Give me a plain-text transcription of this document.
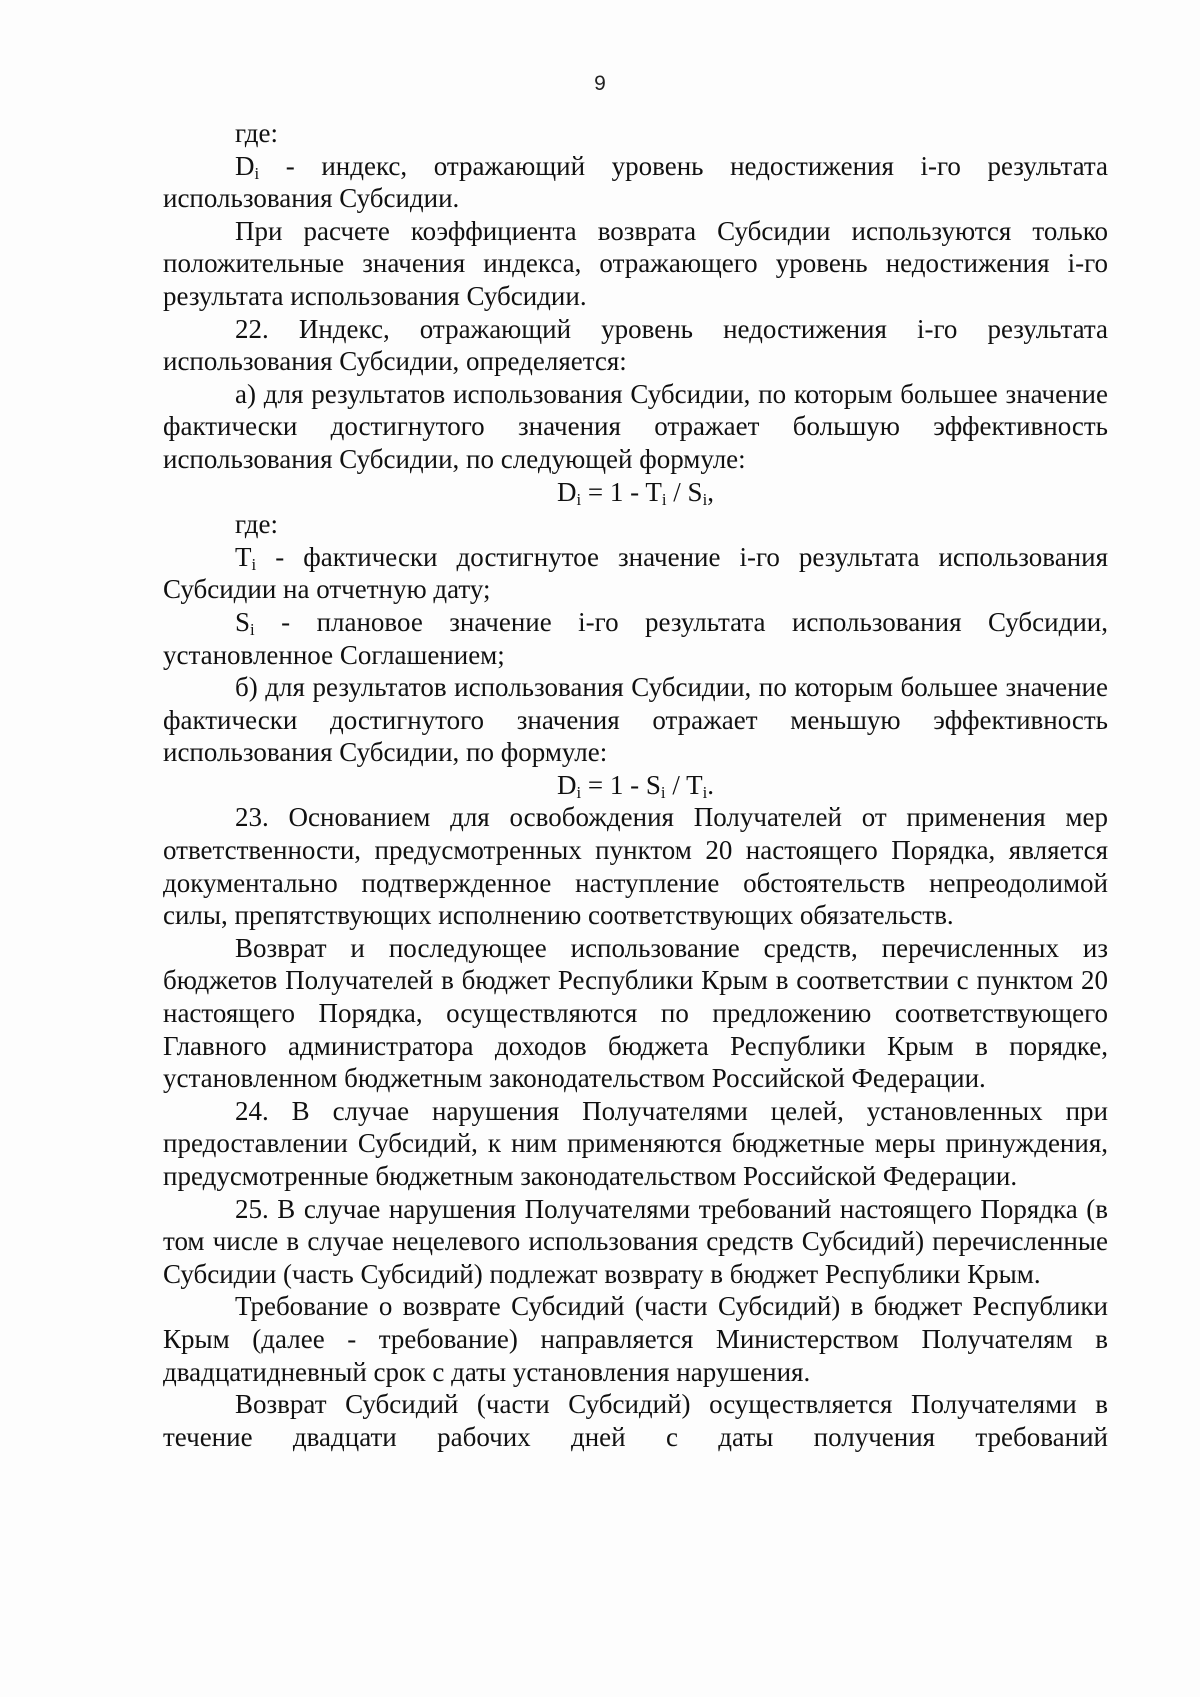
9

где:

$D_i$ - индекс, отражающий уровень недостижения i-го результата использования Субсидии.

При расчете коэффициента возврата Субсидии используются только положительные значения индекса, отражающего уровень недостижения i-го результата использования Субсидии.

22. Индекс, отражающий уровень недостижения i-го результата использования Субсидии, определяется:

а) для результатов использования Субсидии, по которым большее значение фактически достигнутого значения отражает большую эффективность использования Субсидии, по следующей формуле:

$D_i = 1 - T_i / S_i$,

где:

$T_i$ - фактически достигнутое значение i-го результата использования Субсидии на отчетную дату;

$S_i$ - плановое значение i-го результата использования Субсидии, установленное Соглашением;

б) для результатов использования Субсидии, по которым большее значение фактически достигнутого значения отражает меньшую эффективность использования Субсидии, по формуле:

$D_i = 1 - S_i / T_i$.

23. Основанием для освобождения Получателей от применения мер ответственности, предусмотренных пунктом 20 настоящего Порядка, является документально подтвержденное наступление обстоятельств непреодолимой силы, препятствующих исполнению соответствующих обязательств.

Возврат и последующее использование средств, перечисленных из бюджетов Получателей в бюджет Республики Крым в соответствии с пунктом 20 настоящего Порядка, осуществляются по предложению соответствующего Главного администратора доходов бюджета Республики Крым в порядке, установленном бюджетным законодательством Российской Федерации.

24. В случае нарушения Получателями целей, установленных при предоставлении Субсидий, к ним применяются бюджетные меры принуждения, предусмотренные бюджетным законодательством Российской Федерации.

25. В случае нарушения Получателями требований настоящего Порядка (в том числе в случае нецелевого использования средств Субсидий) перечисленные Субсидии (часть Субсидий) подлежат возврату в бюджет Республики Крым.

Требование о возврате Субсидий (части Субсидий) в бюджет Республики Крым (далее - требование) направляется Министерством Получателям в двадцатидневный срок с даты установления нарушения.

Возврат Субсидий (части Субсидий) осуществляется Получателями в течение двадцати рабочих дней с даты получения требований
